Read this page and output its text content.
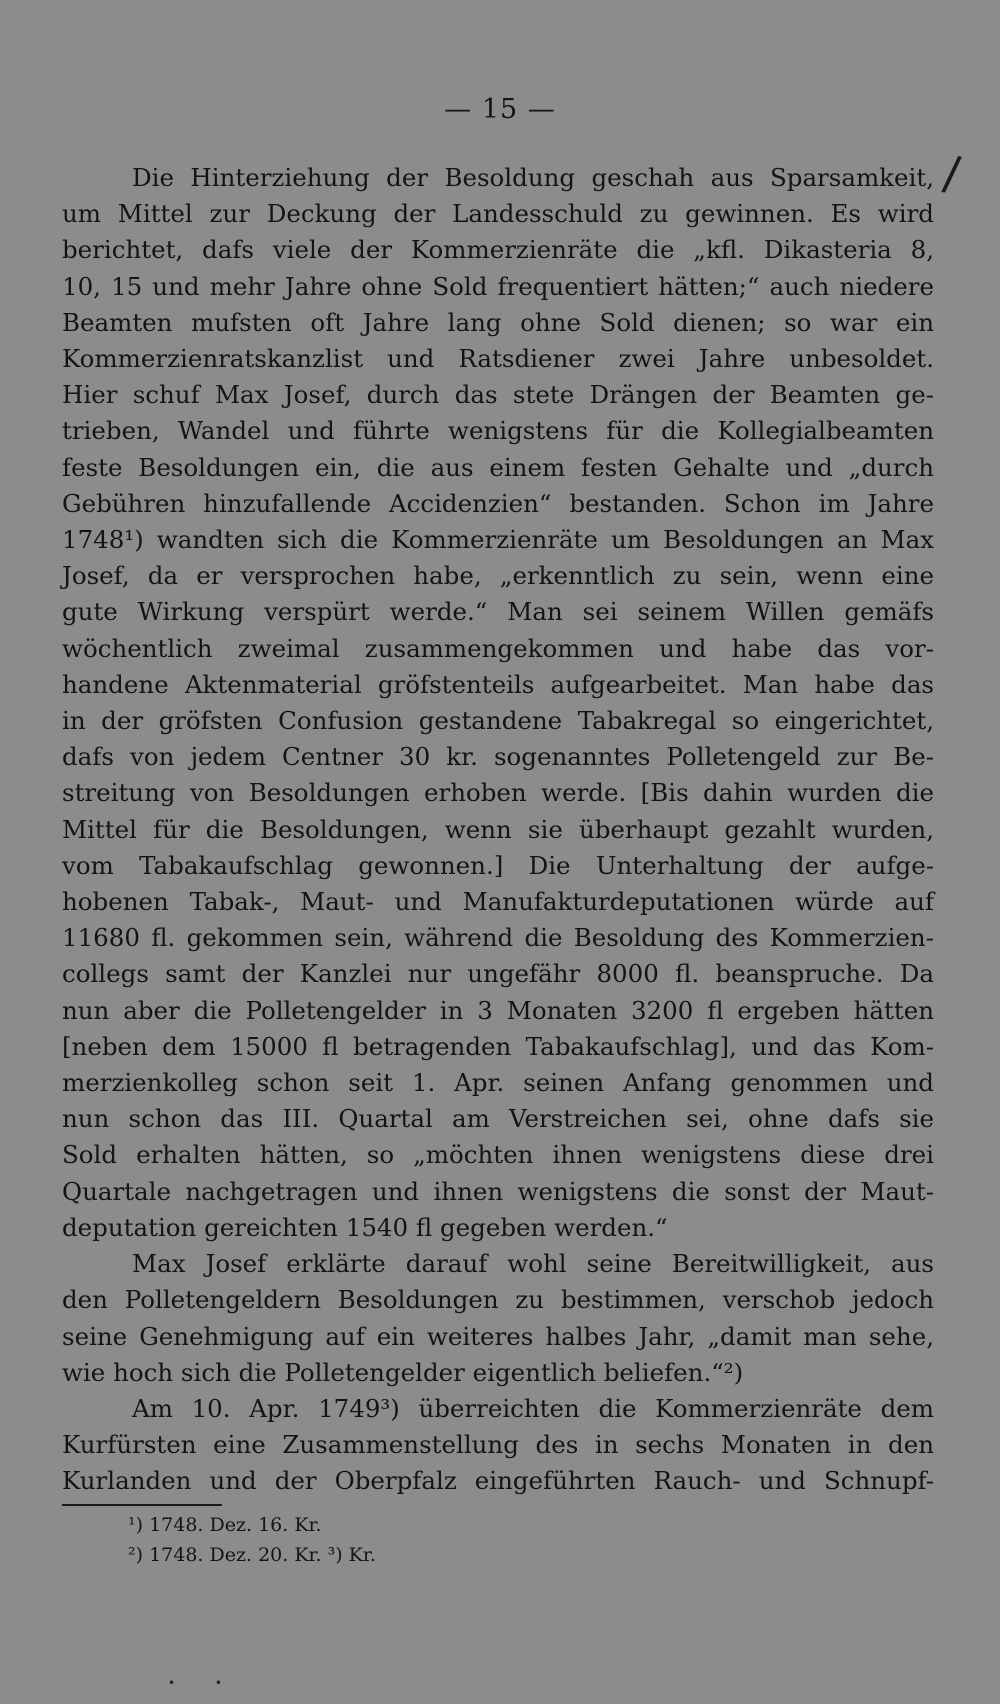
— 15 —
/
Die Hinterziehung der Besoldung geschah aus Sparsamkeit,
um Mittel zur Deckung der Landesschuld zu gewinnen. Es wird
berichtet, dafs viele der Kommerzienräte die „kfl. Dikasteria 8,
10, 15 und mehr Jahre ohne Sold frequentiert hätten;“ auch niedere
Beamten mufsten oft Jahre lang ohne Sold dienen; so war ein
Kommerzienratskanzlist und Ratsdiener zwei Jahre unbesoldet.
Hier schuf Max Josef, durch das stete Drängen der Beamten ge-
trieben, Wandel und führte wenigstens für die Kollegialbeamten
feste Besoldungen ein, die aus einem festen Gehalte und „durch
Gebühren hinzufallende Accidenzien“ bestanden. Schon im Jahre
1748¹) wandten sich die Kommerzienräte um Besoldungen an Max
Josef, da er versprochen habe, „erkenntlich zu sein, wenn eine
gute Wirkung verspürt werde.“ Man sei seinem Willen gemäfs
wöchentlich zweimal zusammengekommen und habe das vor-
handene Aktenmaterial gröfstenteils aufgearbeitet. Man habe das
in der gröfsten Confusion gestandene Tabakregal so eingerichtet,
dafs von jedem Centner 30 kr. sogenanntes Polletengeld zur Be-
streitung von Besoldungen erhoben werde. [Bis dahin wurden die
Mittel für die Besoldungen, wenn sie überhaupt gezahlt wurden,
vom Tabakaufschlag gewonnen.] Die Unterhaltung der aufge-
hobenen Tabak-, Maut- und Manufakturdeputationen würde auf
11680 fl. gekommen sein, während die Besoldung des Kommerzien-
collegs samt der Kanzlei nur ungefähr 8000 fl. beanspruche. Da
nun aber die Polletengelder in 3 Monaten 3200 fl ergeben hätten
[neben dem 15000 fl betragenden Tabakaufschlag], und das Kom-
merzienkolleg schon seit 1. Apr. seinen Anfang genommen und
nun schon das III. Quartal am Verstreichen sei, ohne dafs sie
Sold erhalten hätten, so „möchten ihnen wenigstens diese drei
Quartale nachgetragen und ihnen wenigstens die sonst der Maut-
deputation gereichten 1540 fl gegeben werden.“
Max Josef erklärte darauf wohl seine Bereitwilligkeit, aus
den Polletengeldern Besoldungen zu bestimmen, verschob jedoch
seine Genehmigung auf ein weiteres halbes Jahr, „damit man sehe,
wie hoch sich die Polletengelder eigentlich beliefen.“²)
Am 10. Apr. 1749³) überreichten die Kommerzienräte dem
Kurfürsten eine Zusammenstellung des in sechs Monaten in den
Kurlanden und der Oberpfalz eingeführten Rauch- und Schnupf-
¹) 1748. Dez. 16. Kr.
²) 1748. Dez. 20. Kr. ³) Kr.
• •
